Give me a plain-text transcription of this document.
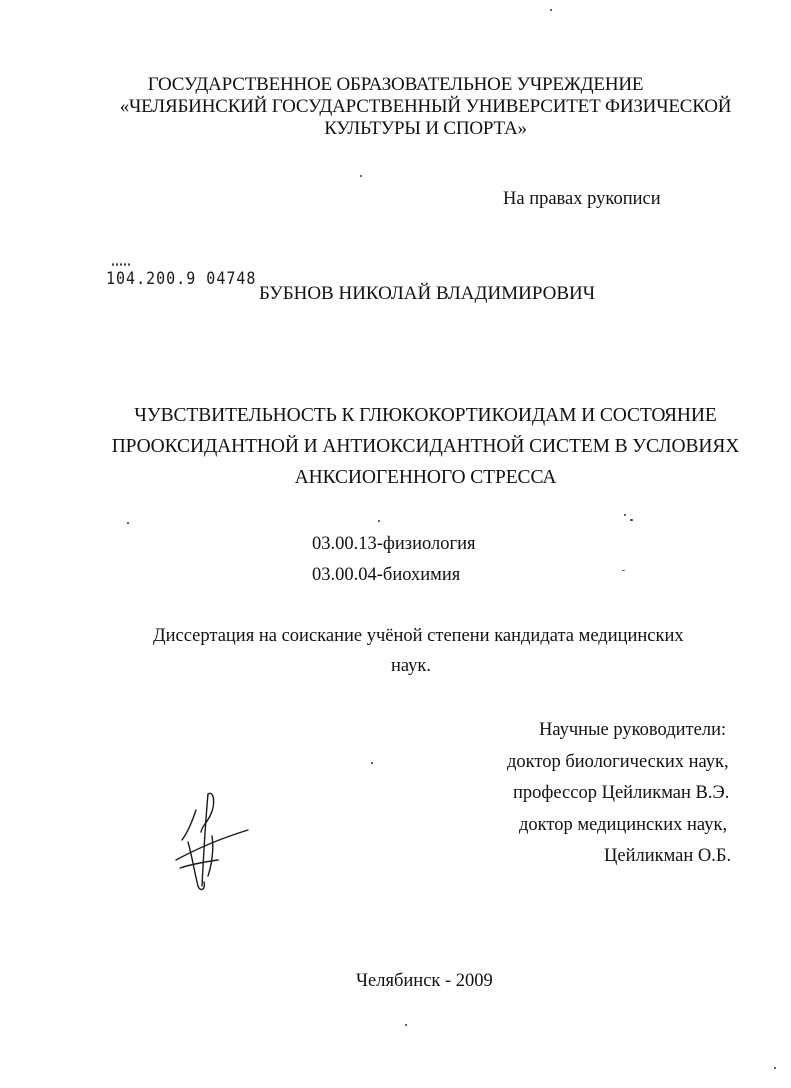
ГОСУДАРСТВЕННОЕ ОБРАЗОВАТЕЛЬНОЕ УЧРЕЖДЕНИЕ
«ЧЕЛЯБИНСКИЙ ГОСУДАРСТВЕННЫЙ УНИВЕРСИТЕТ ФИЗИЧЕСКОЙ
КУЛЬТУРЫ И СПОРТА»
На правах рукописи
104.200.9 04748
БУБНОВ НИКОЛАЙ ВЛАДИМИРОВИЧ
ЧУВСТВИТЕЛЬНОСТЬ К ГЛЮКОКОРТИКОИДАМ И СОСТОЯНИЕ
ПРООКСИДАНТНОЙ И АНТИОКСИДАНТНОЙ СИСТЕМ В УСЛОВИЯХ
АНКСИОГЕННОГО СТРЕССА
03.00.13-физиология
03.00.04-биохимия
Диссертация на соискание учёной степени кандидата медицинских
наук.
Научные руководители:
доктор биологических наук,
профессор Цейликман В.Э.
доктор медицинских наук,
Цейликман О.Б.
Челябинск - 2009
